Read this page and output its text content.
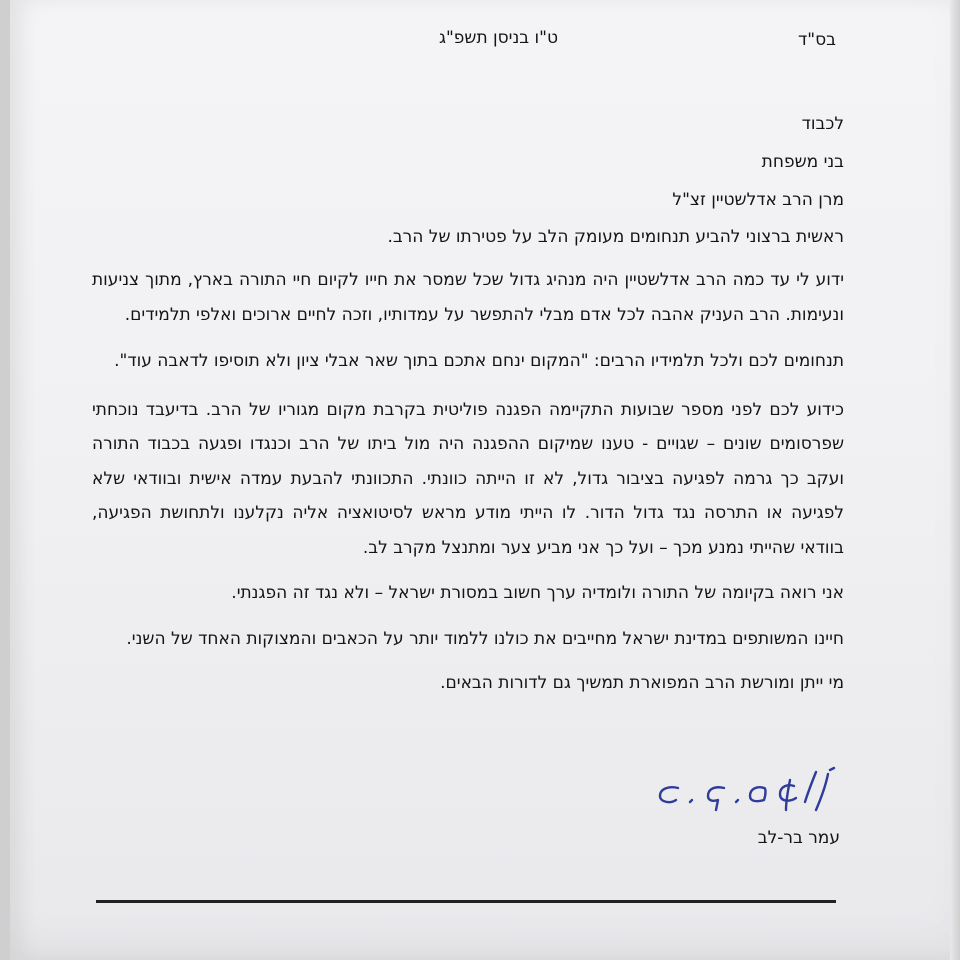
בס"ד
ט"ו בניסן תשפ"ג
לכבוד
בני משפחת
מרן הרב אדלשטיין זצ"ל

ראשית ברצוני להביע תנחומים מעומק הלב על פטירתו של הרב.

ידוע לי עד כמה הרב אדלשטיין היה מנהיג גדול שכל שמסר את חייו לקיום חיי התורה בארץ, מתוך צניעות ונעימות. הרב העניק אהבה לכל אדם מבלי להתפשר על עמדותיו, וזכה לחיים ארוכים ואלפי תלמידים.

תנחומים לכם ולכל תלמידיו הרבים: "המקום ינחם אתכם בתוך שאר אבלי ציון ולא תוסיפו לדאבה עוד".

כידוע לכם לפני מספר שבועות התקיימה הפגנה פוליטית בקרבת מקום מגוריו של הרב. בדיעבד נוכחתי שפרסומים שונים – שגויים - טענו שמיקום ההפגנה היה מול ביתו של הרב וכנגדו ופגעה בכבוד התורה ועקב כך גרמה לפגיעה בציבור גדול, לא זו הייתה כוונתי. התכוונתי להבעת עמדה אישית ובוודאי שלא לפגיעה או התרסה נגד גדול הדור. לו הייתי מודע מראש לסיטואציה אליה נקלענו ולתחושת הפגיעה, בוודאי שהייתי נמנע מכך – ועל כך אני מביע צער ומתנצל מקרב לב.

אני רואה בקיומה של התורה ולומדיה ערך חשוב במסורת ישראל – ולא נגד זה הפגנתי.

חיינו המשותפים במדינת ישראל מחייבים את כולנו ללמוד יותר על הכאבים והמצוקות האחד של השני.

מי ייתן ומורשת הרב המפוארת תמשיך גם לדורות הבאים.

עמר בר-לב
